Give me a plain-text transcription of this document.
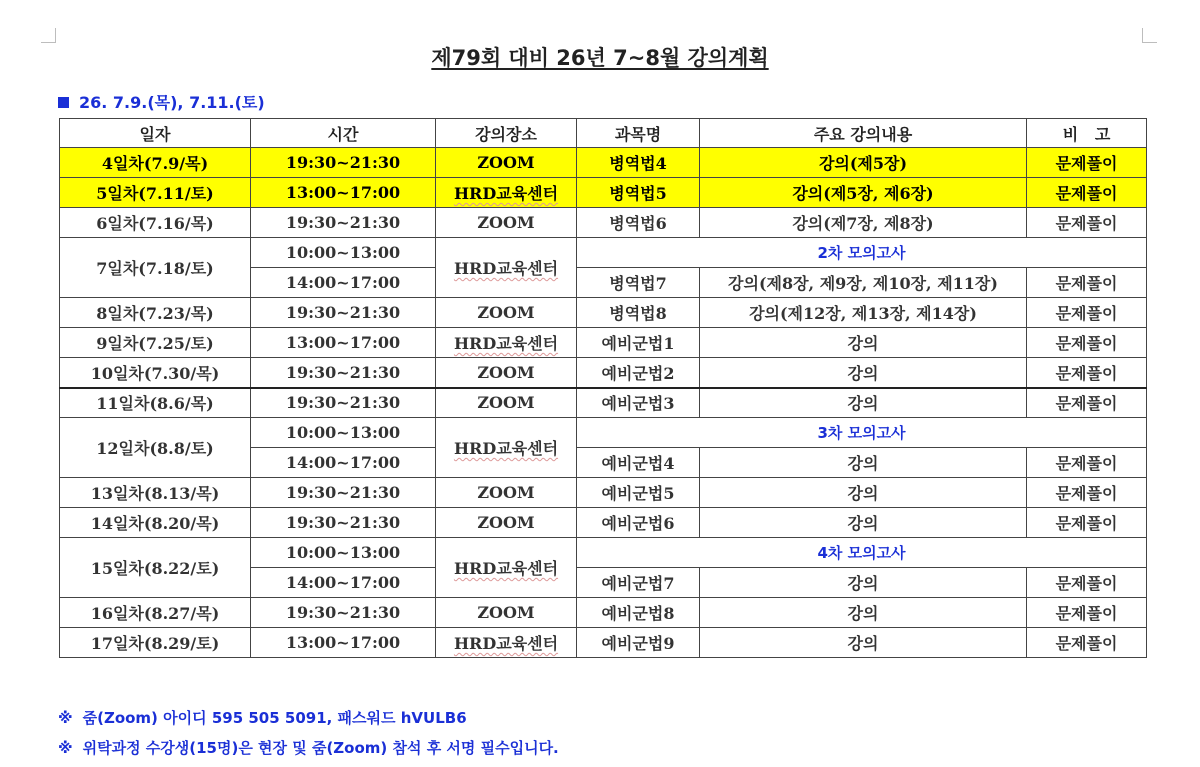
제79회 대비 26년 7~8월 강의계획
26. 7.9.(목), 7.11.(토)
일자	시간	강의장소	과목명	주요 강의내용	비   고
4일차(7.9/목)	19:30~21:30	ZOOM	병역법4	강의(제5장)	문제풀이
5일차(7.11/토)	13:00~17:00	HRD교육센터	병역법5	강의(제5장, 제6장)	문제풀이
6일차(7.16/목)	19:30~21:30	ZOOM	병역법6	강의(제7장, 제8장)	문제풀이
7일차(7.18/토)	10:00~13:00	HRD교육센터	2차 모의고사		
	14:00~17:00		병역법7	강의(제8장, 제9장, 제10장, 제11장)	문제풀이
8일차(7.23/목)	19:30~21:30	ZOOM	병역법8	강의(제12장, 제13장, 제14장)	문제풀이
9일차(7.25/토)	13:00~17:00	HRD교육센터	예비군법1	강의	문제풀이
10일차(7.30/목)	19:30~21:30	ZOOM	예비군법2	강의	문제풀이
11일차(8.6/목)	19:30~21:30	ZOOM	예비군법3	강의	문제풀이
12일차(8.8/토)	10:00~13:00	HRD교육센터	3차 모의고사		
	14:00~17:00		예비군법4	강의	문제풀이
13일차(8.13/목)	19:30~21:30	ZOOM	예비군법5	강의	문제풀이
14일차(8.20/목)	19:30~21:30	ZOOM	예비군법6	강의	문제풀이
15일차(8.22/토)	10:00~13:00	HRD교육센터	4차 모의고사		
	14:00~17:00		예비군법7	강의	문제풀이
16일차(8.27/목)	19:30~21:30	ZOOM	예비군법8	강의	문제풀이
17일차(8.29/토)	13:00~17:00	HRD교육센터	예비군법9	강의	문제풀이
※ 줌(Zoom) 아이디 595 505 5091, 패스워드 hVULB6
※ 위탁과정 수강생(15명)은 현장 및 줌(Zoom) 참석 후 서명 필수입니다.
